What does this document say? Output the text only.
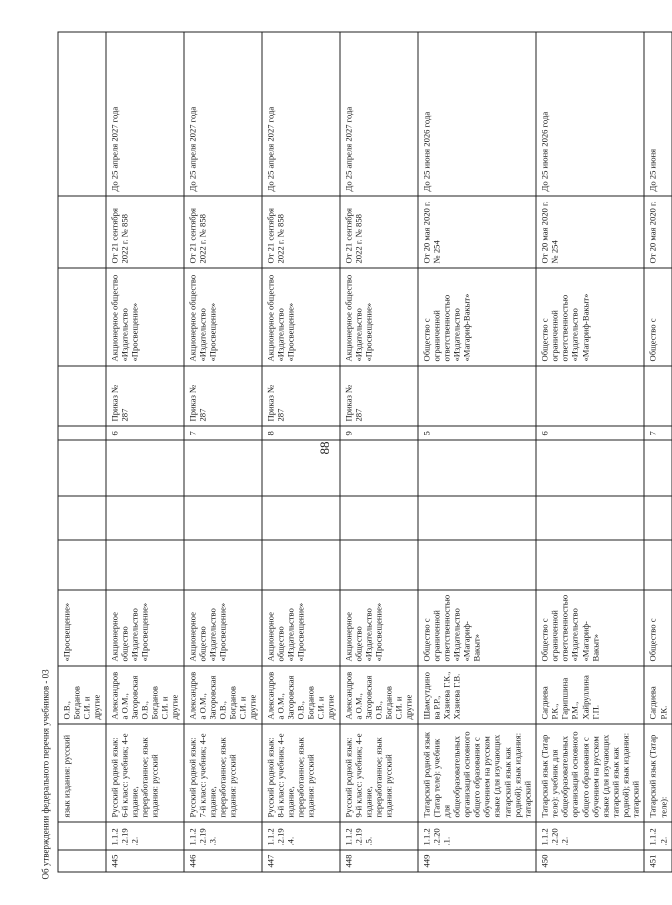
88
Об утверждении федерального перечня учебников - 03
		язык издания: русский	О.В., Богданов С.И. и другие	«Просвещение»								
445	1.1.2.2.19.2.	Русский родной язык: 6-й класс: учебник; 4-е издание, переработанное; язык издания: русский	Александрова О.М., Загоровская О.В., Богданов С.И. и другие	Акционерное общество «Издательство «Просвещение»				6	Приказ № 287	Акционерное общество «Издательство «Просвещение»	От 21 сентября 2022 г. № 858	До 25 апреля 2027 года
446	1.1.2.2.19.3.	Русский родной язык: 7-й класс: учебник; 4-е издание, переработанное; язык издания: русский	Александрова О.М., Загоровская О.В., Богданов С.И. и другие	Акционерное общество «Издательство «Просвещение»				7	Приказ № 287	Акционерное общество «Издательство «Просвещение»	От 21 сентября 2022 г. № 858	До 25 апреля 2027 года
447	1.1.2.2.19.4.	Русский родной язык: 8-й класс: учебник; 4-е издание, переработанное; язык издания: русский	Александрова О.М., Загоровская О.В., Богданов С.И. и другие	Акционерное общество «Издательство «Просвещение»				8	Приказ № 287	Акционерное общество «Издательство «Просвещение»	От 21 сентября 2022 г. № 858	До 25 апреля 2027 года
448	1.1.2.2.19.5.	Русский родной язык: 9-й класс: учебник; 4-е издание, переработанное; язык издания: русский	Александрова О.М., Загоровская О.В., Богданов С.И. и другие	Акционерное общество «Издательство «Просвещение»				9	Приказ № 287	Акционерное общество «Издательство «Просвещение»	От 21 сентября 2022 г. № 858	До 25 апреля 2027 года
449	1.1.2.2.20.1.	Татарский родной язык (Татар теле): учебник для общеобразовательных организаций основного общего образования с обучением на русском языке (для изучающих татарский язык как родной); язык издания: татарский	Шамсутдинова Р.Р., Хазиева Г.К., Хазиева Г.В.	Общество с ограниченной ответственностью «Издательство «Магариф-Вакыт»				5		Общество с ограниченной ответственностью «Издательство «Магариф-Вакыт»	От 20 мая 2020 г. № 254	До 25 июня 2026 года
450	1.1.2.2.20.2.	Татарский язык (Татар теле): учебник для общеобразовательных организаций основного общего образования с обучением на русском языке (для изучающих татарский язык как родной); язык издания: татарский	Сагдиева Р.К., Гарипшина Р.М., Хайруллина Г.П.	Общество с ограниченной ответственностью «Издательство «Магариф-Вакыт»				6		Общество с ограниченной ответственностью «Издательство «Магариф-Вакыт»	От 20 мая 2020 г. № 254	До 25 июня 2026 года
451	1.1.2.2.	Татарский язык (Татар теле):	Сагдиева Р.К.	Общество с				7		Общество с	От 20 мая 2020 г.	До 25 июня
